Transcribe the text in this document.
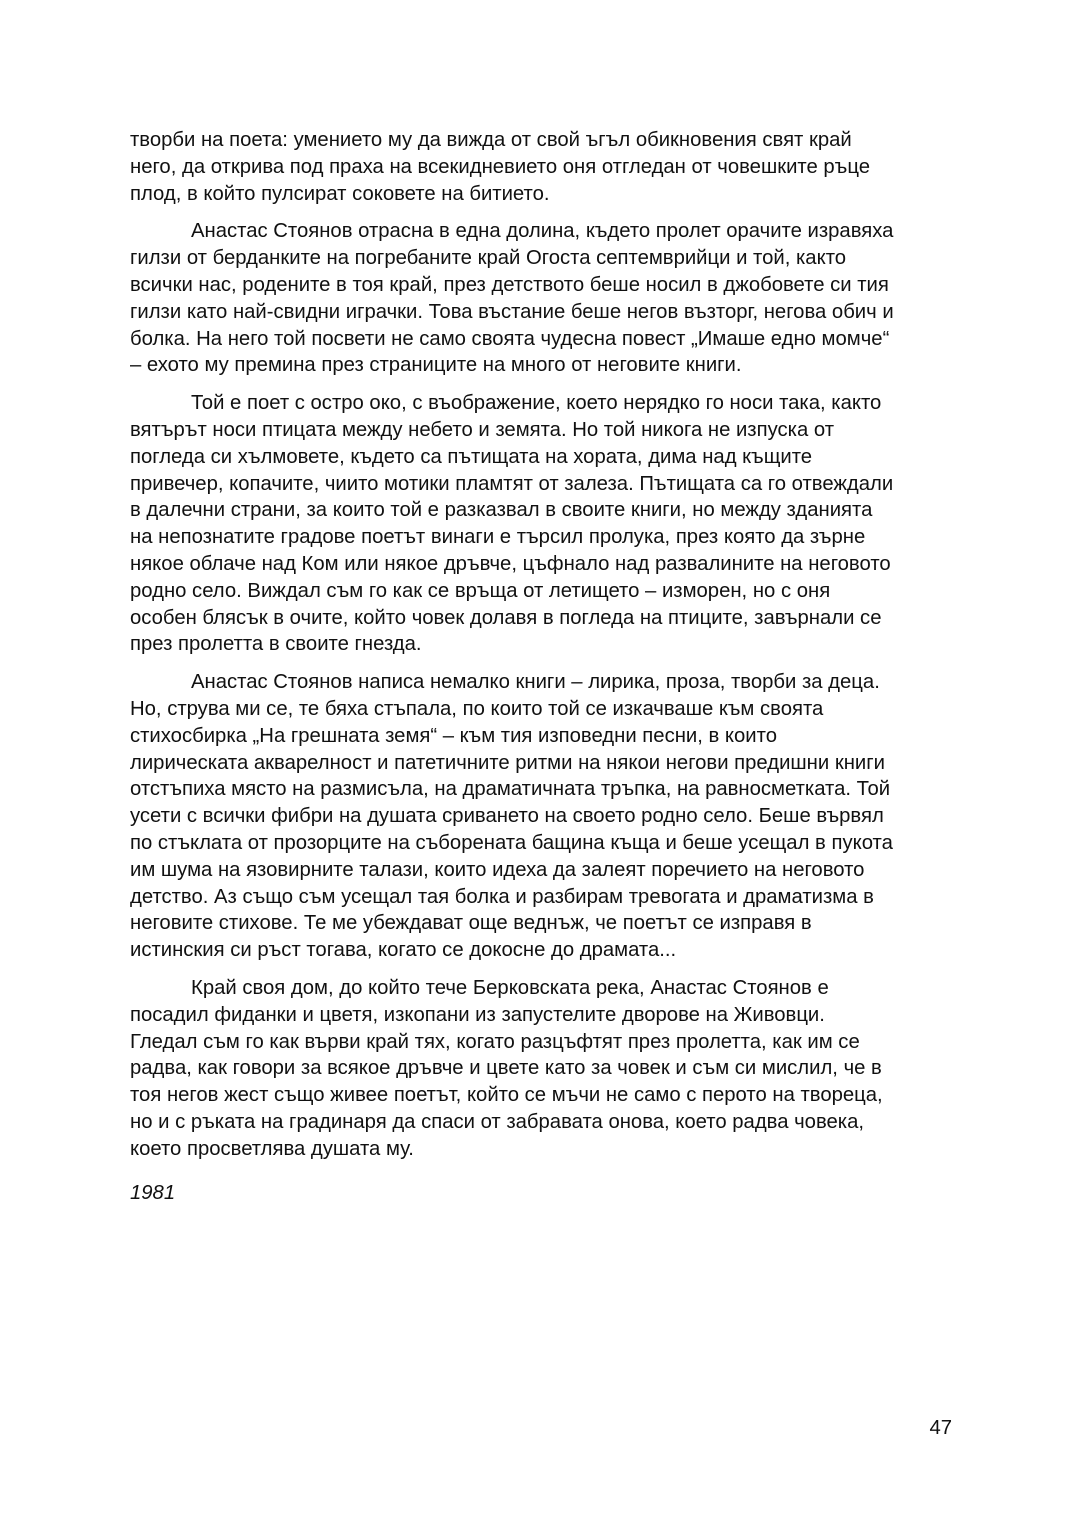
творби на поета: умението му да вижда от свой ъгъл обикновения свят край
него, да открива под праха на всекидневието оня отгледан от човешките ръце
плод, в който пулсират соковете на битието.

Анастас Стоянов отрасна в една долина, където пролет орачите изравяха
гилзи от берданките на погребаните край Огоста септемврийци и той, както
всички нас, родените в тоя край, през детството беше носил в джобовете си тия
гилзи като най-свидни играчки. Това въстание беше негов възторг, негова обич и
болка. На него той посвети не само своята чудесна повест „Имаше едно момче“
– ехото му премина през страниците на много от неговите книги.

Той е поет с остро око, с въображение, което нерядко го носи така, както
вятърът носи птицата между небето и земята. Но той никога не изпуска от
погледа си хълмовете, където са пътищата на хората, дима над къщите
привечер, копачите, чиито мотики пламтят от залеза. Пътищата са го отвеждали
в далечни страни, за които той е разказвал в своите книги, но между зданията
на непознатите градове поетът винаги е търсил пролука, през която да зърне
някое облаче над Ком или някое дръвче, цъфнало над развалините на неговото
родно село. Виждал съм го как се връща от летището – изморен, но с оня
особен блясък в очите, който човек долавя в погледа на птиците, завърнали се
през пролетта в своите гнезда.

Анастас Стоянов написа немалко книги – лирика, проза, творби за деца.
Но, струва ми се, те бяха стъпала, по които той се изкачваше към своята
стихосбирка „На грешната земя“ – към тия изповедни песни, в които
лирическата акварелност и патетичните ритми на някои негови предишни книги
отстъпиха място на размисъла, на драматичната тръпка, на равносметката. Той
усети с всички фибри на душата сриването на своето родно село. Беше вървял
по стъклата от прозорците на съборената бащина къща и беше усещал в пукота
им шума на язовирните талази, които идеха да залеят поречието на неговото
детство. Аз също съм усещал тая болка и разбирам тревогата и драматизма в
неговите стихове. Те ме убеждават още веднъж, че поетът се изправя в
истинския си ръст тогава, когато се докосне до драмата...

Край своя дом, до който тече Берковската река, Анастас Стоянов е
посадил фиданки и цветя, изкопани из запустелите дворове на Живовци.
Гледал съм го как върви край тях, когато разцъфтят през пролетта, как им се
радва, как говори за всякое дръвче и цвете като за човек и съм си мислил, че в
тоя негов жест също живее поетът, който се мъчи не само с перото на твореца,
но и с ръката на градинаря да спаси от забравата онова, което радва човека,
което просветлява душата му.

1981

47
